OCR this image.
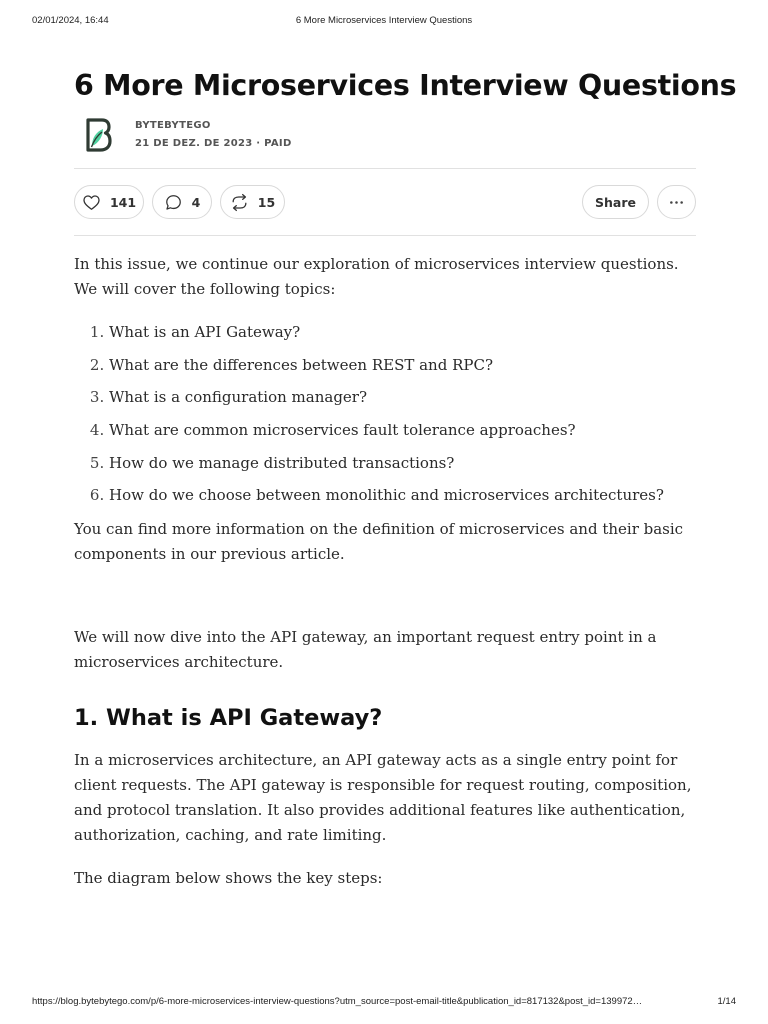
02/01/2024, 16:44	6 More Microservices Interview Questions
6 More Microservices Interview Questions
BYTEBYTEGO
21 DE DEZ. DE 2023 ∙ PAID
141	4	15	Share

In this issue, we continue our exploration of microservices interview questions. We will cover the following topics:

1. What is an API Gateway?
2. What are the differences between REST and RPC?
3. What is a configuration manager?
4. What are common microservices fault tolerance approaches?
5. How do we manage distributed transactions?
6. How do we choose between monolithic and microservices architectures?

You can find more information on the definition of microservices and their basic components in our previous article.

We will now dive into the API gateway, an important request entry point in a microservices architecture.

1. What is API Gateway?

In a microservices architecture, an API gateway acts as a single entry point for client requests. The API gateway is responsible for request routing, composition, and protocol translation. It also provides additional features like authentication, authorization, caching, and rate limiting.

The diagram below shows the key steps:

https://blog.bytebytego.com/p/6-more-microservices-interview-questions?utm_source=post-email-title&publication_id=817132&post_id=139972…	1/14
